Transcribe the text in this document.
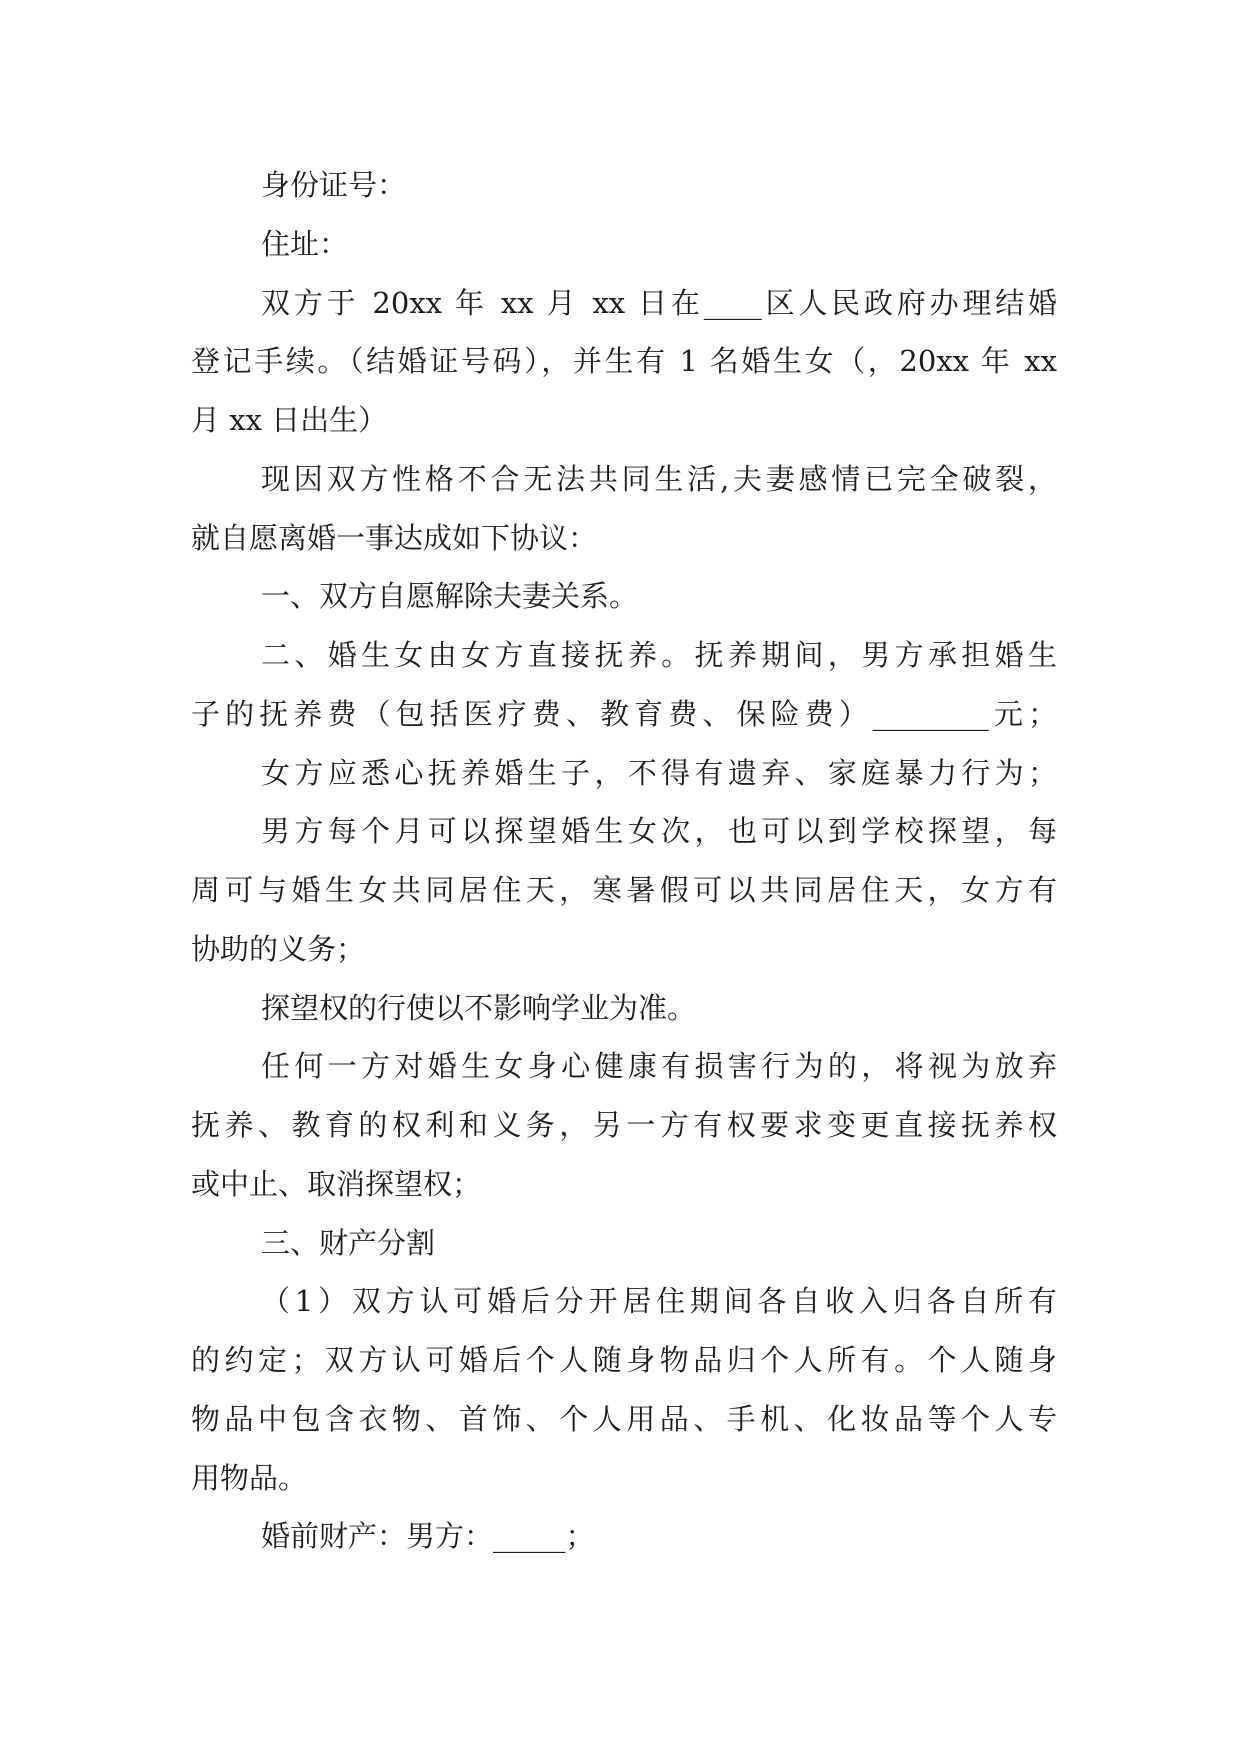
身份证号：
住址：
双方于 20xx 年 xx 月 xx 日在____区人民政府办理结婚
登记手续。（结婚证号码），并生有 1 名婚生女（，20xx 年 xx
月 xx 日出生）
现因双方性格不合无法共同生活,夫妻感情已完全破裂，
就自愿离婚一事达成如下协议：
一、双方自愿解除夫妻关系。
二、婚生女由女方直接抚养。抚养期间，男方承担婚生
子的抚养费（包括医疗费、教育费、保险费）________元；
女方应悉心抚养婚生子，不得有遗弃、家庭暴力行为；
男方每个月可以探望婚生女次，也可以到学校探望，每
周可与婚生女共同居住天，寒暑假可以共同居住天，女方有
协助的义务；
探望权的行使以不影响学业为准。
任何一方对婚生女身心健康有损害行为的，将视为放弃
抚养、教育的权利和义务，另一方有权要求变更直接抚养权
或中止、取消探望权；
三、财产分割
（1）双方认可婚后分开居住期间各自收入归各自所有
的约定；双方认可婚后个人随身物品归个人所有。个人随身
物品中包含衣物、首饰、个人用品、手机、化妆品等个人专
用物品。
婚前财产：男方：_____；
